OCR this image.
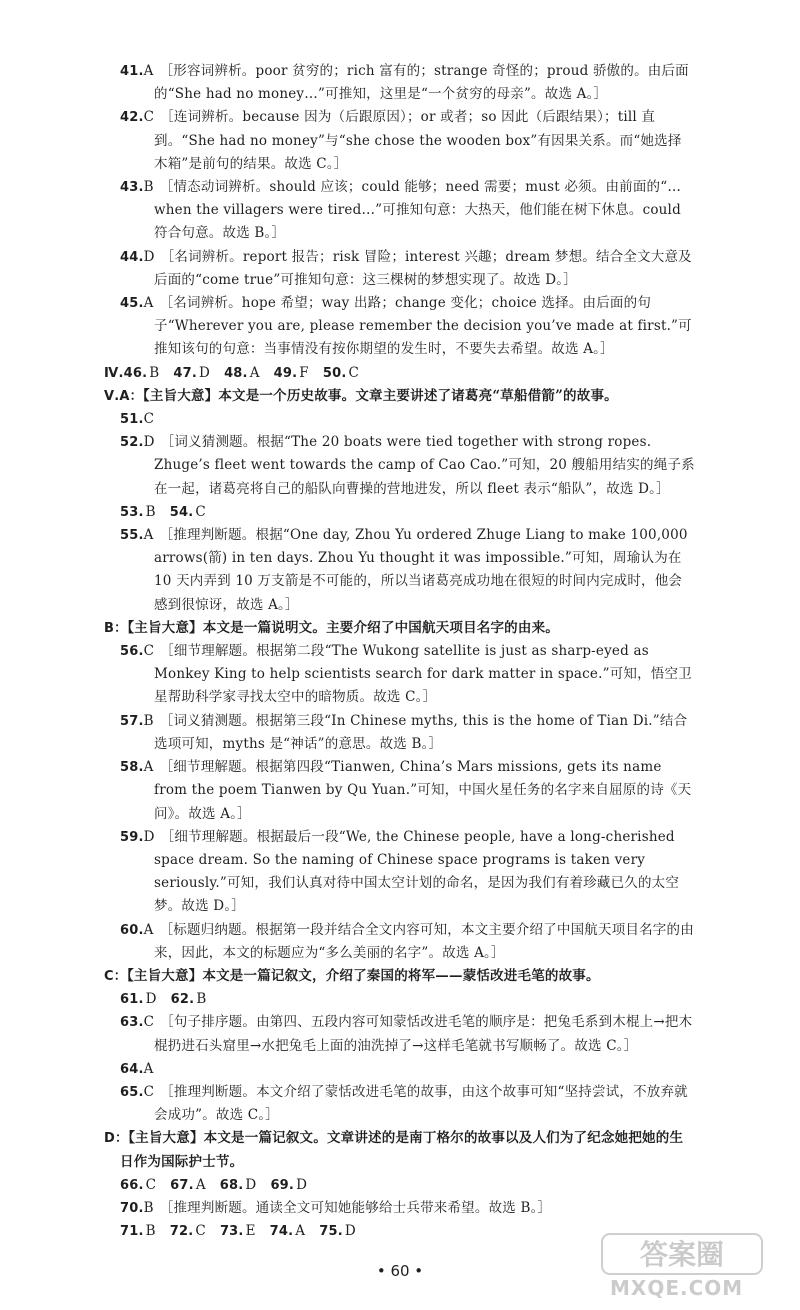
41.A ［形容词辨析。poor 贫穷的；rich 富有的；strange 奇怪的；proud 骄傲的。由后面的“She had no money…”可推知，这里是“一个贫穷的母亲”。故选 A。］

42.C ［连词辨析。because 因为（后跟原因）；or 或者；so 因此（后跟结果）；till 直到。“She had no money”与“she chose the wooden box”有因果关系。而“她选择木箱”是前句的结果。故选 C。］

43.B ［情态动词辨析。should 应该；could 能够；need 需要；must 必须。由前面的“…when the villagers were tired…”可推知句意：大热天，他们能在树下休息。could 符合句意。故选 B。］

44.D ［名词辨析。report 报告；risk 冒险；interest 兴趣；dream 梦想。结合全文大意及后面的“come true”可推知句意：这三棵树的梦想实现了。故选 D。］

45.A ［名词辨析。hope 希望；way 出路；change 变化；choice 选择。由后面的句子“Wherever you are, please remember the decision you’ve made at first.”可推知该句的句意：当事情没有按你期望的发生时，不要失去希望。故选 A。］

Ⅳ.46. B 47. D 48. A 49. F 50. C

Ⅴ.A：【主旨大意】本文是一个历史故事。文章主要讲述了诸葛亮“草船借箭”的故事。

51.C

52.D ［词义猜测题。根据“The 20 boats were tied together with strong ropes. Zhuge’s fleet went towards the camp of Cao Cao.”可知，20 艘船用结实的绳子系在一起，诸葛亮将自己的船队向曹操的营地进发，所以 fleet 表示“船队”，故选 D。］

53. B 54. C

55.A ［推理判断题。根据“One day, Zhou Yu ordered Zhuge Liang to make 100,000 arrows(箭) in ten days. Zhou Yu thought it was impossible.”可知，周瑜认为在 10 天内弄到 10 万支箭是不可能的，所以当诸葛亮成功地在很短的时间内完成时，他会感到很惊讶，故选 A。］

B：【主旨大意】本文是一篇说明文。主要介绍了中国航天项目名字的由来。

56.C ［细节理解题。根据第二段“The Wukong satellite is just as sharp-eyed as Monkey King to help scientists search for dark matter in space.”可知，悟空卫星帮助科学家寻找太空中的暗物质。故选 C。］

57.B ［词义猜测题。根据第三段“In Chinese myths, this is the home of Tian Di.”结合选项可知，myths 是“神话”的意思。故选 B。］

58.A ［细节理解题。根据第四段“Tianwen, China’s Mars missions, gets its name from the poem Tianwen by Qu Yuan.”可知，中国火星任务的名字来自屈原的诗《天问》。故选 A。］

59.D ［细节理解题。根据最后一段“We, the Chinese people, have a long-cherished space dream. So the naming of Chinese space programs is taken very seriously.”可知，我们认真对待中国太空计划的命名，是因为我们有着珍藏已久的太空梦。故选 D。］

60.A ［标题归纳题。根据第一段并结合全文内容可知，本文主要介绍了中国航天项目名字的由来，因此，本文的标题应为“多么美丽的名字”。故选 A。］

C：【主旨大意】本文是一篇记叙文，介绍了秦国的将军——蒙恬改进毛笔的故事。

61. D 62. B

63.C ［句子排序题。由第四、五段内容可知蒙恬改进毛笔的顺序是：把兔毛系到木棍上→把木棍扔进石头窟里→水把兔毛上面的油洗掉了→这样毛笔就书写顺畅了。故选 C。］

64.A

65.C ［推理判断题。本文介绍了蒙恬改进毛笔的故事，由这个故事可知“坚持尝试，不放弃就会成功”。故选 C。］

D：【主旨大意】本文是一篇记叙文。文章讲述的是南丁格尔的故事以及人们为了纪念她把她的生日作为国际护士节。

66. C 67. A 68. D 69. D

70.B ［推理判断题。通读全文可知她能够给士兵带来希望。故选 B。］

71. B 72. C 73. E 74. A 75. D

• 60 •	答案圈
MXQE.COM
